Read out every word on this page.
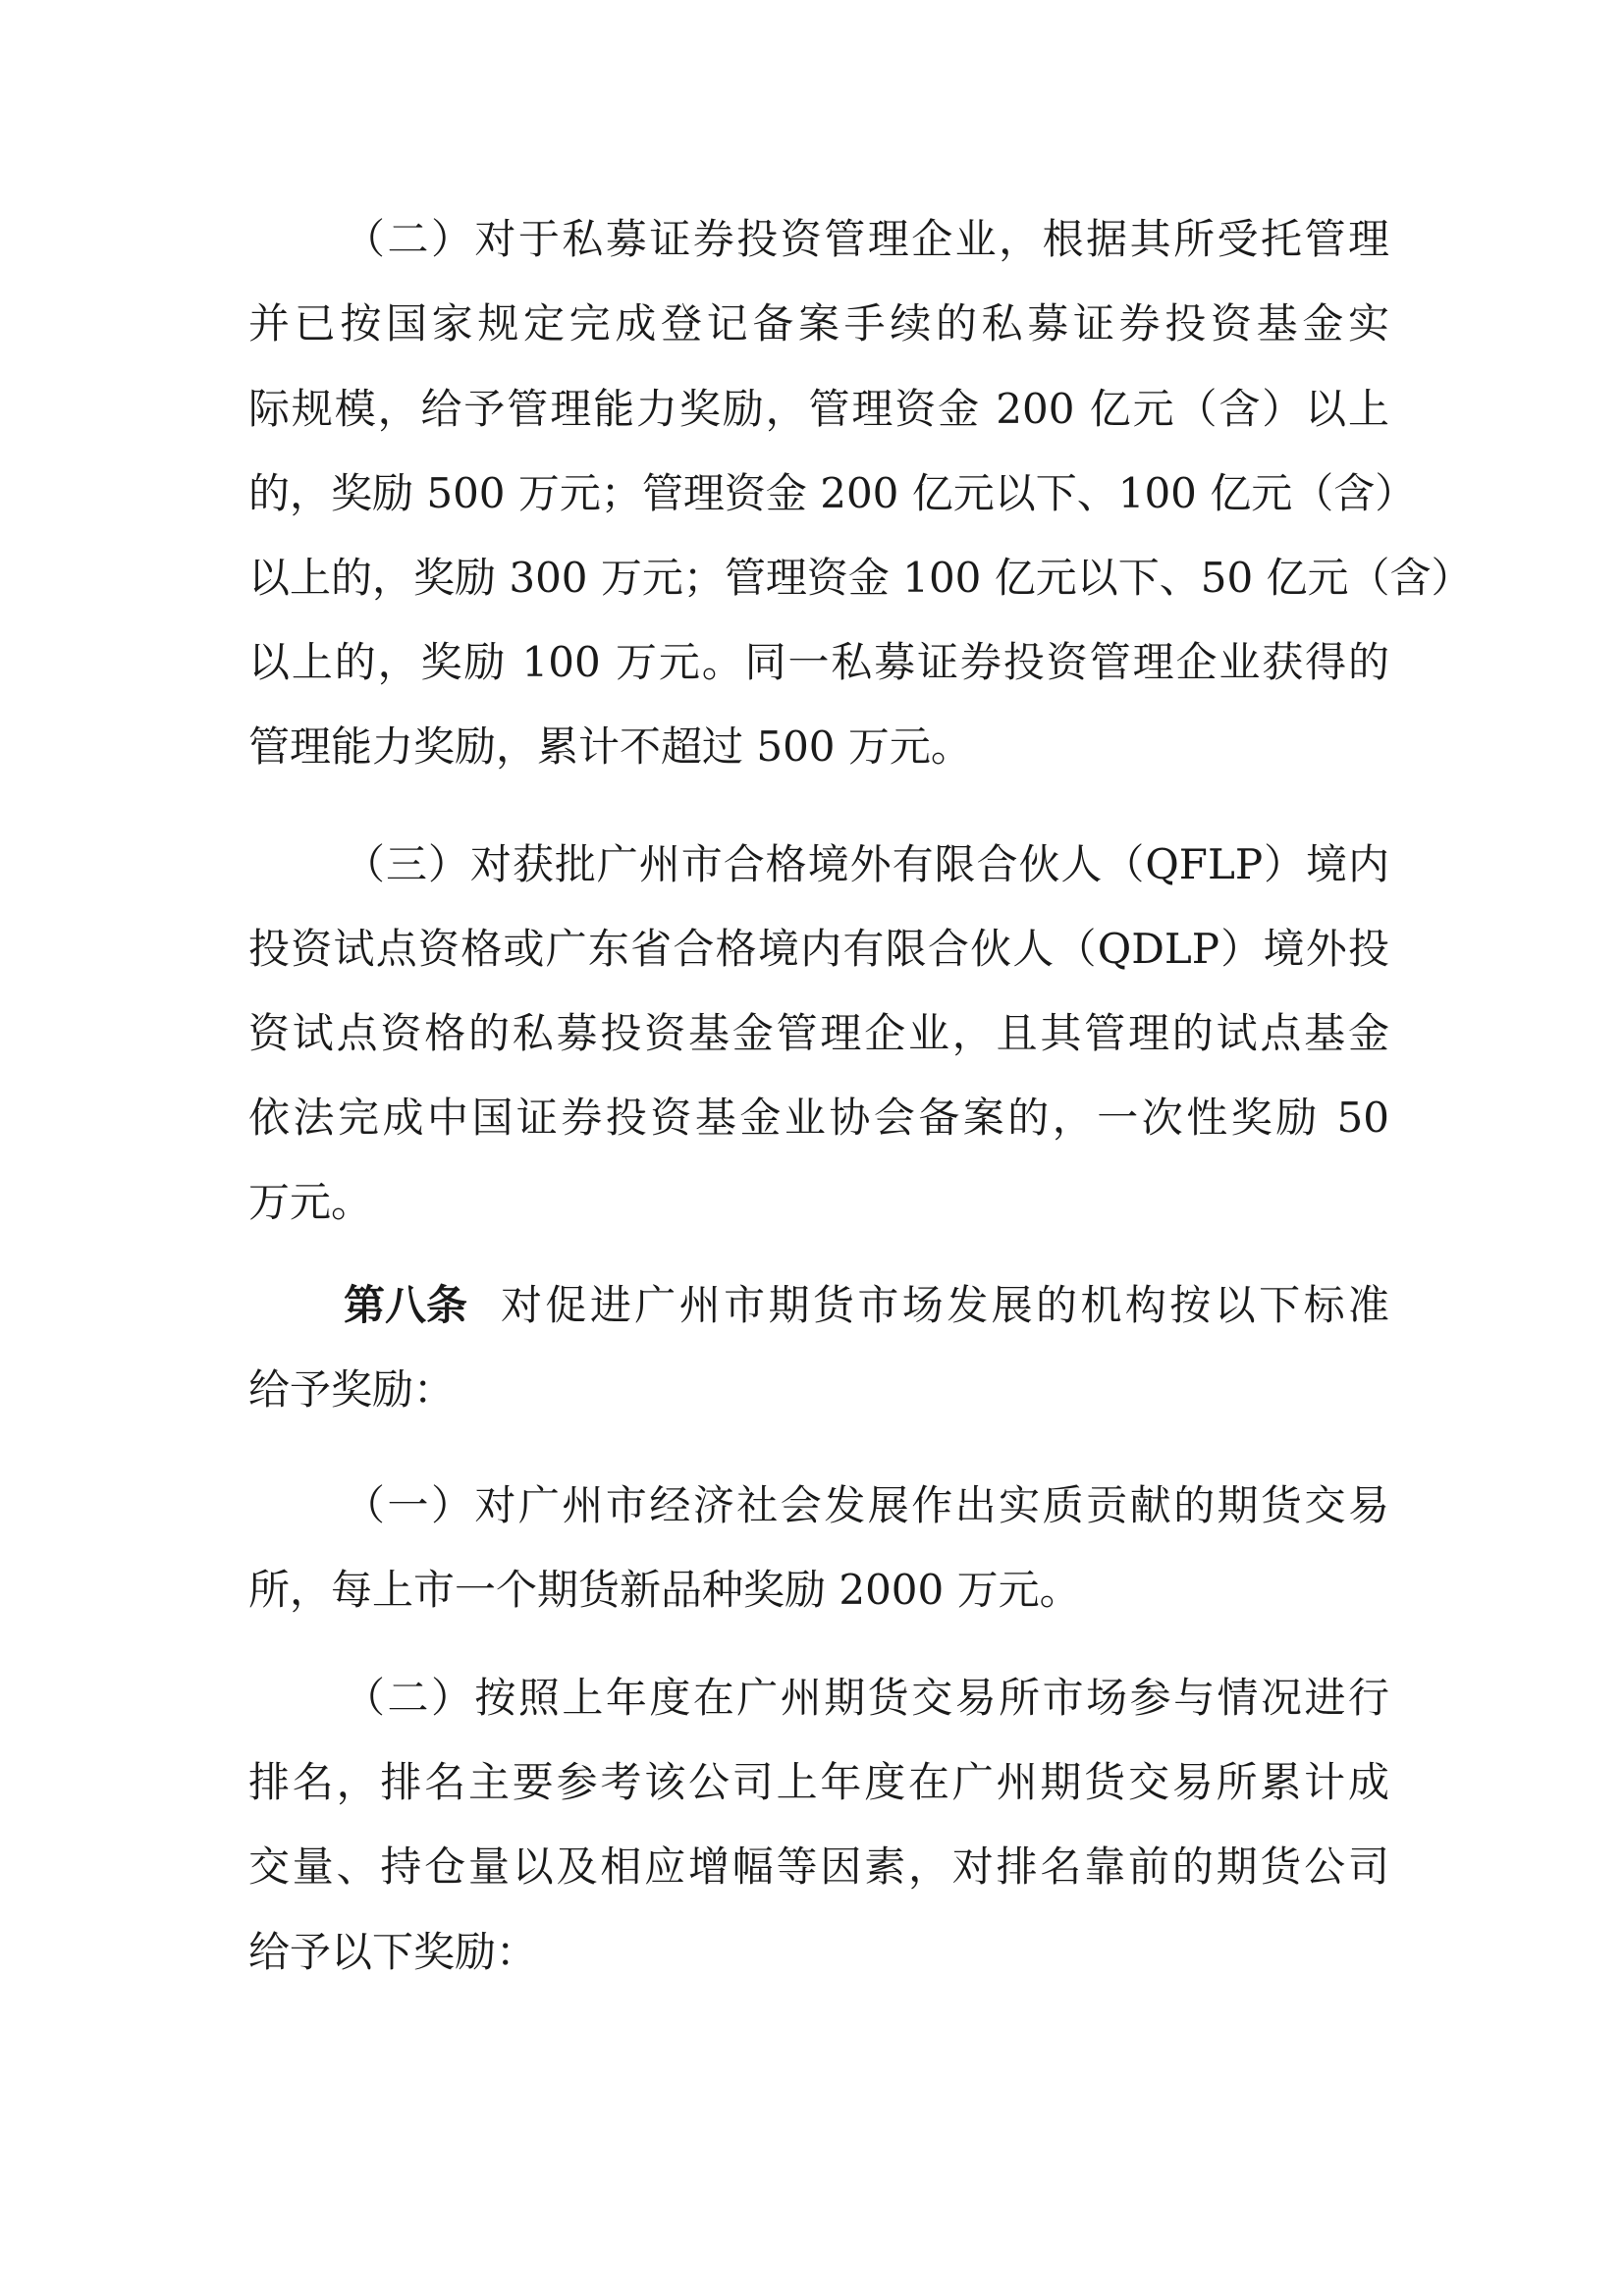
（二）对于私募证券投资管理企业，根据其所受托管理
并已按国家规定完成登记备案手续的私募证券投资基金实
际规模，给予管理能力奖励，管理资金 200 亿元（含）以上
的，奖励 500 万元；管理资金 200 亿元以下、100 亿元（含）
以上的，奖励 300 万元；管理资金 100 亿元以下、50 亿元（含）
以上的，奖励 100 万元。同一私募证券投资管理企业获得的
管理能力奖励，累计不超过 500 万元。
（三）对获批广州市合格境外有限合伙人（QFLP）境内
投资试点资格或广东省合格境内有限合伙人（QDLP）境外投
资试点资格的私募投资基金管理企业，且其管理的试点基金
依法完成中国证券投资基金业协会备案的，一次性奖励 50
万元。
第八条 对促进广州市期货市场发展的机构按以下标准
给予奖励：
（一）对广州市经济社会发展作出实质贡献的期货交易
所，每上市一个期货新品种奖励 2000 万元。
（二）按照上年度在广州期货交易所市场参与情况进行
排名，排名主要参考该公司上年度在广州期货交易所累计成
交量、持仓量以及相应增幅等因素，对排名靠前的期货公司
给予以下奖励：
